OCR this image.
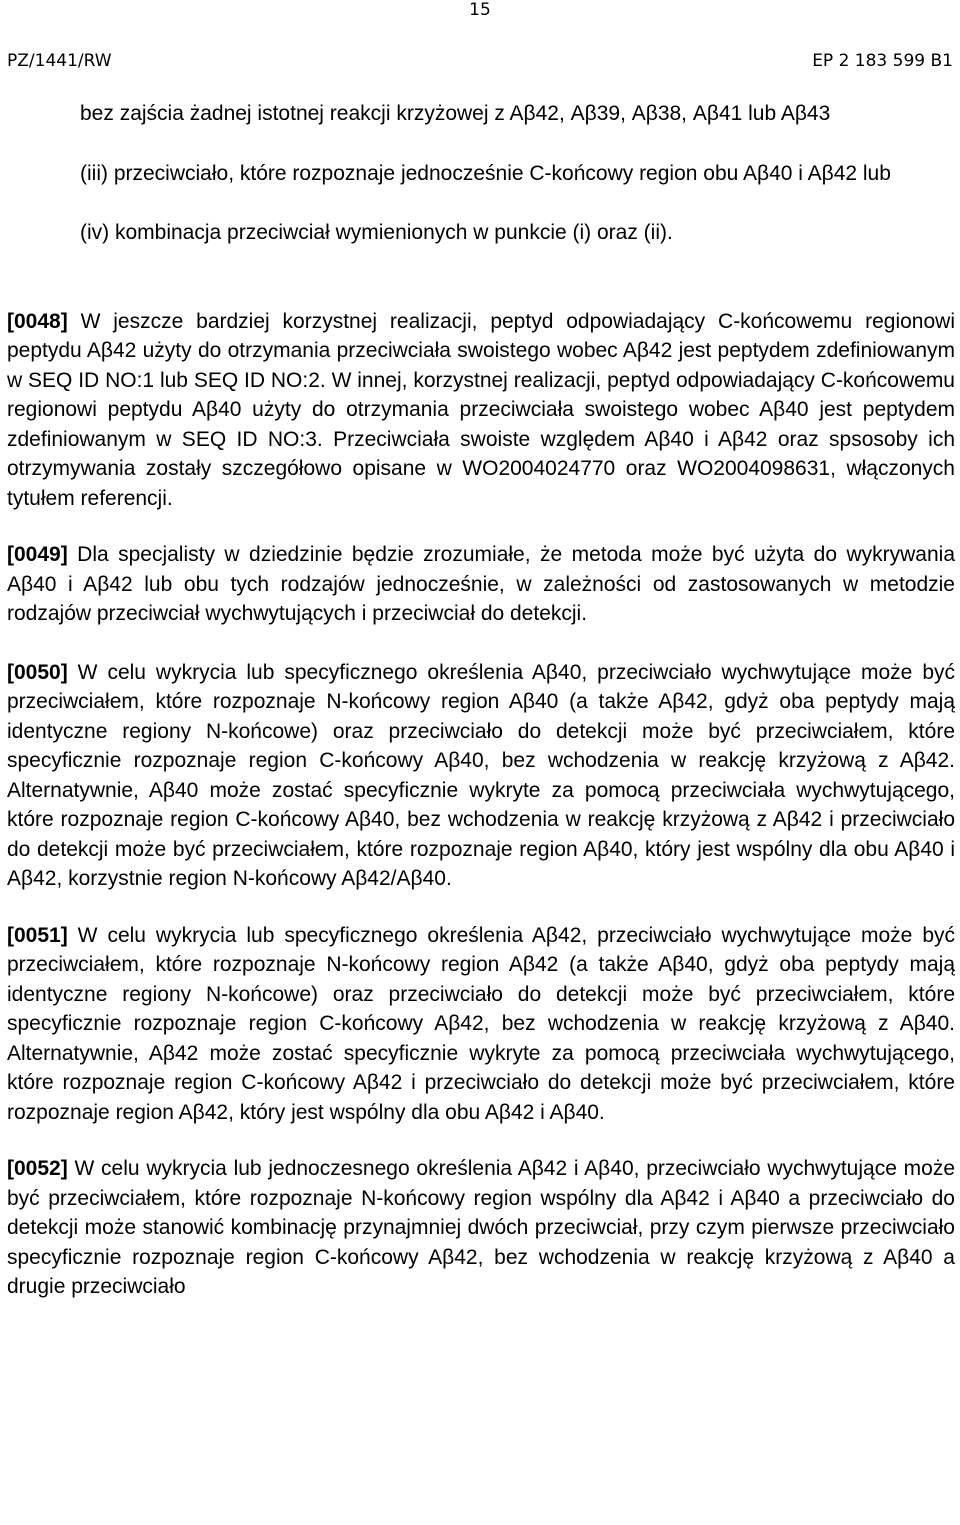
15
PZ/1441/RW	EP 2 183 599 B1
bez zajścia żadnej istotnej reakcji krzyżowej z Aβ42, Aβ39, Aβ38, Aβ41 lub Aβ43
(iii) przeciwciało, które rozpoznaje jednocześnie C-końcowy region obu Aβ40 i Aβ42 lub
(iv) kombinacja przeciwciał wymienionych w punkcie (i) oraz (ii).

[0048] W jeszcze bardziej korzystnej realizacji, peptyd odpowiadający C-końcowemu regionowi peptydu Aβ42 użyty do otrzymania przeciwciała swoistego wobec Aβ42 jest peptydem zdefiniowanym w SEQ ID NO:1 lub SEQ ID NO:2. W innej, korzystnej realizacji, peptyd odpowiadający C-końcowemu regionowi peptydu Aβ40 użyty do otrzymania przeciwciała swoistego wobec Aβ40 jest peptydem zdefiniowanym w SEQ ID NO:3. Przeciwciała swoiste względem Aβ40 i Aβ42 oraz spsosoby ich otrzymywania zostały szczegółowo opisane w WO2004024770 oraz WO2004098631, włączonych tytułem referencji.

[0049] Dla specjalisty w dziedzinie będzie zrozumiałe, że metoda może być użyta do wykrywania Aβ40 i Aβ42 lub obu tych rodzajów jednocześnie, w zależności od zastosowanych w metodzie rodzajów przeciwciał wychwytujących i przeciwciał do detekcji.

[0050] W celu wykrycia lub specyficznego określenia Aβ40, przeciwciało wychwytujące może być przeciwciałem, które rozpoznaje N-końcowy region Aβ40 (a także Aβ42, gdyż oba peptydy mają identyczne regiony N-końcowe) oraz przeciwciało do detekcji może być przeciwciałem, które specyficznie rozpoznaje region C-końcowy Aβ40, bez wchodzenia w reakcję krzyżową z Aβ42. Alternatywnie, Aβ40 może zostać specyficznie wykryte za pomocą przeciwciała wychwytującego, które rozpoznaje region C-końcowy Aβ40, bez wchodzenia w reakcję krzyżową z Aβ42 i przeciwciało do detekcji może być przeciwciałem, które rozpoznaje region Aβ40, który jest wspólny dla obu Aβ40 i Aβ42, korzystnie region N-końcowy Aβ42/Aβ40.

[0051] W celu wykrycia lub specyficznego określenia Aβ42, przeciwciało wychwytujące może być przeciwciałem, które rozpoznaje N-końcowy region Aβ42 (a także Aβ40, gdyż oba peptydy mają identyczne regiony N-końcowe) oraz przeciwciało do detekcji może być przeciwciałem, które specyficznie rozpoznaje region C-końcowy Aβ42, bez wchodzenia w reakcję krzyżową z Aβ40. Alternatywnie, Aβ42 może zostać specyficznie wykryte za pomocą przeciwciała wychwytującego, które rozpoznaje region C-końcowy Aβ42 i przeciwciało do detekcji może być przeciwciałem, które rozpoznaje region Aβ42, który jest wspólny dla obu Aβ42 i Aβ40.

[0052] W celu wykrycia lub jednoczesnego określenia Aβ42 i Aβ40, przeciwciało wychwytujące może być przeciwciałem, które rozpoznaje N-końcowy region wspólny dla Aβ42 i Aβ40 a przeciwciało do detekcji może stanowić kombinację przynajmniej dwóch przeciwciał, przy czym pierwsze przeciwciało specyficznie rozpoznaje region C-końcowy Aβ42, bez wchodzenia w reakcję krzyżową z Aβ40 a drugie przeciwciało
